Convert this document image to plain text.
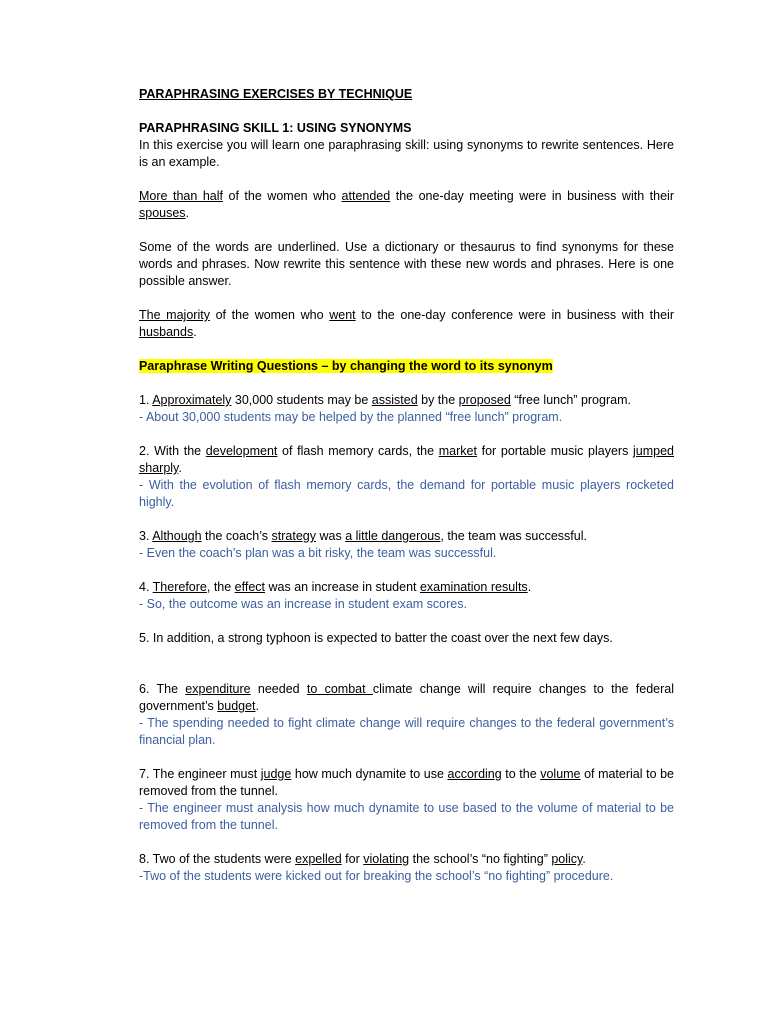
PARAPHRASING EXERCISES BY TECHNIQUE

PARAPHRASING SKILL 1: USING SYNONYMS

In this exercise you will learn one paraphrasing skill: using synonyms to rewrite sentences. Here is an example.

More than half of the women who attended the one-day meeting were in business with their spouses.

Some of the words are underlined. Use a dictionary or thesaurus to find synonyms for these words and phrases. Now rewrite this sentence with these new words and phrases. Here is one possible answer.

The majority of the women who went to the one-day conference were in business with their husbands.

Paraphrase Writing Questions – by changing the word to its synonym

1. Approximately 30,000 students may be assisted by the proposed “free lunch” program.

- About 30,000 students may be helped by the planned “free lunch” program.

2. With the development of flash memory cards, the market for portable music players jumped sharply.

- With the evolution of flash memory cards, the demand for portable music players rocketed highly.

3. Although the coach’s strategy was a little dangerous, the team was successful.

- Even the coach’s plan was a bit risky, the team was successful.

4. Therefore, the effect was an increase in student examination results.

- So, the outcome was an increase in student exam scores.

5. In addition, a strong typhoon is expected to batter the coast over the next few days.

6. The expenditure needed to combat climate change will require changes to the federal government’s budget.

- The spending needed to fight climate change will require changes to the federal government’s financial plan.

7. The engineer must judge how much dynamite to use according to the volume of material to be removed from the tunnel.

- The engineer must analysis how much dynamite to use based to the volume of material to be removed from the tunnel.

8. Two of the students were expelled for violating the school’s “no fighting” policy.

-Two of the students were kicked out for breaking the school’s “no fighting” procedure.
